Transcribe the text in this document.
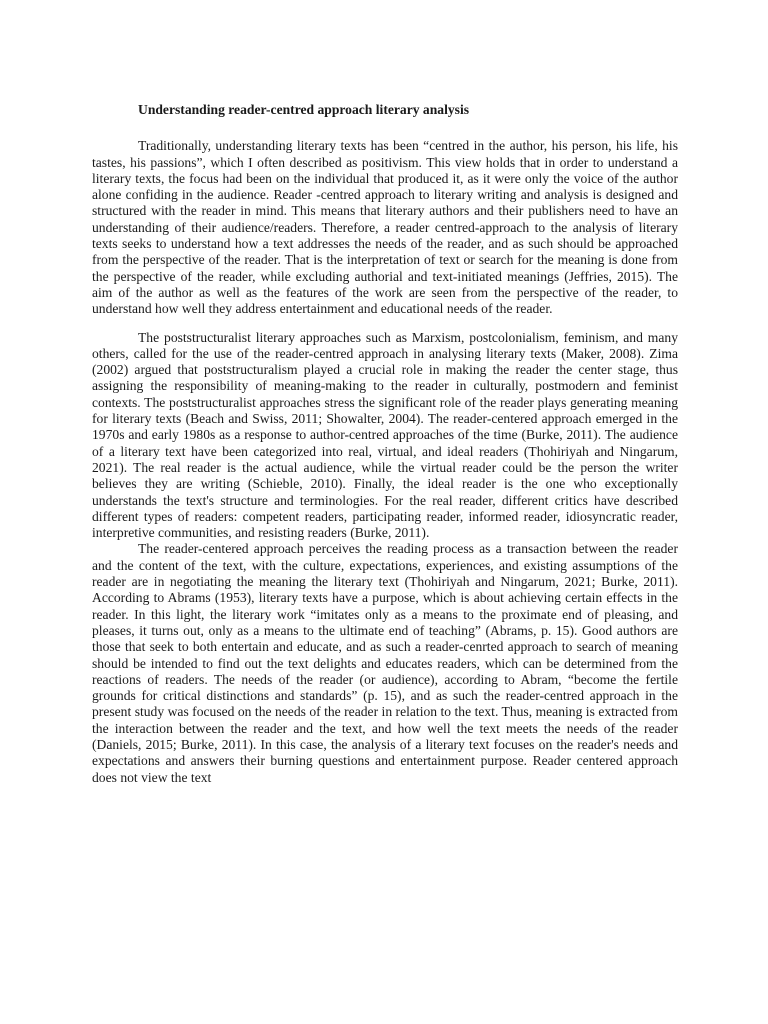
Understanding reader-centred approach literary analysis

Traditionally, understanding literary texts has been “centred in the author, his person, his life, his tastes, his passions”, which I often described as positivism. This view holds that in order to understand a literary texts, the focus had been on the individual that produced it, as it were only the voice of the author alone confiding in the audience. Reader -centred approach to literary writing and analysis is designed and structured with the reader in mind. This means that literary authors and their publishers need to have an understanding of their audience/readers. Therefore, a reader centred-approach to the analysis of literary texts seeks to understand how a text addresses the needs of the reader, and as such should be approached from the perspective of the reader. That is the interpretation of text or search for the meaning is done from the perspective of the reader, while excluding authorial and text-initiated meanings (Jeffries, 2015). The aim of the author as well as the features of the work are seen from the perspective of the reader, to understand how well they address entertainment and educational needs of the reader.

The poststructuralist literary approaches such as Marxism, postcolonialism, feminism, and many others, called for the use of the reader-centred approach in analysing literary texts (Maker, 2008). Zima (2002) argued that poststructuralism played a crucial role in making the reader the center stage, thus assigning the responsibility of meaning-making to the reader in culturally, postmodern and feminist contexts. The poststructuralist approaches stress the significant role of the reader plays generating meaning for literary texts (Beach and Swiss, 2011; Showalter, 2004). The reader-centered approach emerged in the 1970s and early 1980s as a response to author-centred approaches of the time (Burke, 2011). The audience of a literary text have been categorized into real, virtual, and ideal readers (Thohiriyah and Ningarum, 2021). The real reader is the actual audience, while the virtual reader could be the person the writer believes they are writing (Schieble, 2010). Finally, the ideal reader is the one who exceptionally understands the text's structure and terminologies. For the real reader, different critics have described different types of readers: competent readers, participating reader, informed reader, idiosyncratic reader, interpretive communities, and resisting readers (Burke, 2011).

The reader-centered approach perceives the reading process as a transaction between the reader and the content of the text, with the culture, expectations, experiences, and existing assumptions of the reader are in negotiating the meaning the literary text (Thohiriyah and Ningarum, 2021; Burke, 2011). According to Abrams (1953), literary texts have a purpose, which is about achieving certain effects in the reader. In this light, the literary work “imitates only as a means to the proximate end of pleasing, and pleases, it turns out, only as a means to the ultimate end of teaching” (Abrams, p. 15). Good authors are those that seek to both entertain and educate, and as such a reader-cenrted approach to search of meaning should be intended to find out the text delights and educates readers, which can be determined from the reactions of readers. The needs of the reader (or audience), according to Abram, “become the fertile grounds for critical distinctions and standards” (p. 15), and as such the reader-centred approach in the present study was focused on the needs of the reader in relation to the text. Thus, meaning is extracted from the interaction between the reader and the text, and how well the text meets the needs of the reader (Daniels, 2015; Burke, 2011). In this case, the analysis of a literary text focuses on the reader's needs and expectations and answers their burning questions and entertainment purpose. Reader centered approach does not view the text
